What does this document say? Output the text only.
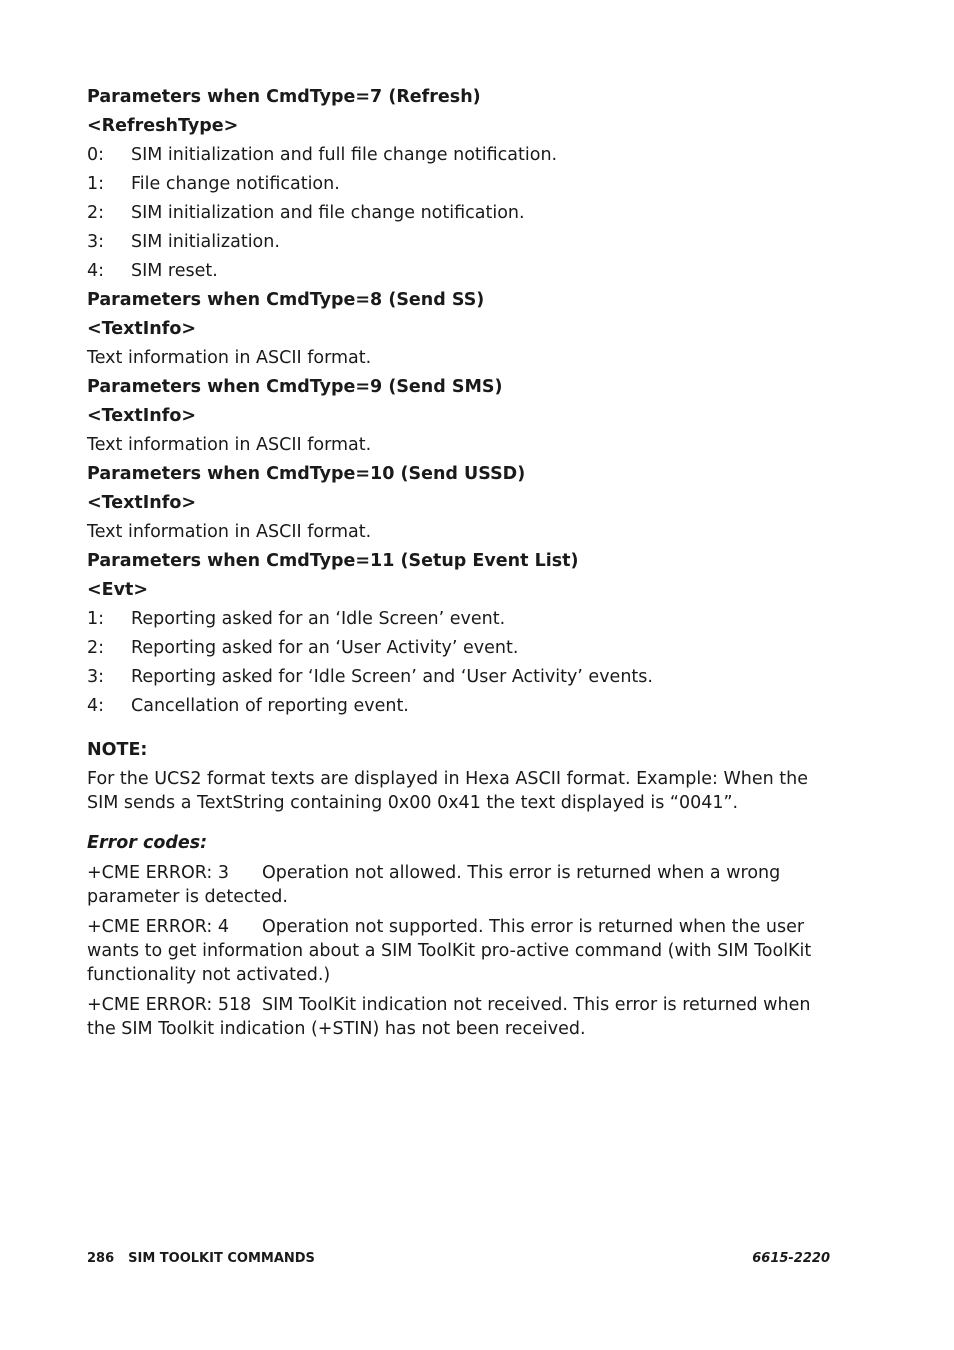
Parameters when CmdType=7 (Refresh)
<RefreshType>
0:	SIM initialization and full file change notification.
1:	File change notification.
2:	SIM initialization and file change notification.
3:	SIM initialization.
4:	SIM reset.
Parameters when CmdType=8 (Send SS)
<TextInfo>
Text information in ASCII format.
Parameters when CmdType=9 (Send SMS)
<TextInfo>
Text information in ASCII format.
Parameters when CmdType=10 (Send USSD)
<TextInfo>
Text information in ASCII format.
Parameters when CmdType=11 (Setup Event List)
<Evt>
1:	Reporting asked for an ‘Idle Screen’ event.
2:	Reporting asked for an ‘User Activity’ event.
3:	Reporting asked for ‘Idle Screen’ and ‘User Activity’ events.
4:	Cancellation of reporting event.
NOTE:
For the UCS2 format texts are displayed in Hexa ASCII format. Example: When the SIM sends a TextString containing 0x00 0x41 the text displayed is “0041”.
Error codes:
+CME ERROR: 3 Operation not allowed. This error is returned when a wrong parameter is detected.
+CME ERROR: 4 Operation not supported. This error is returned when the user wants to get information about a SIM ToolKit pro-active command (with SIM ToolKit functionality not activated.)
+CME ERROR: 518 SIM ToolKit indication not received. This error is returned when the SIM Toolkit indication (+STIN) has not been received.
286 SIM TOOLKIT COMMANDS	6615-2220
